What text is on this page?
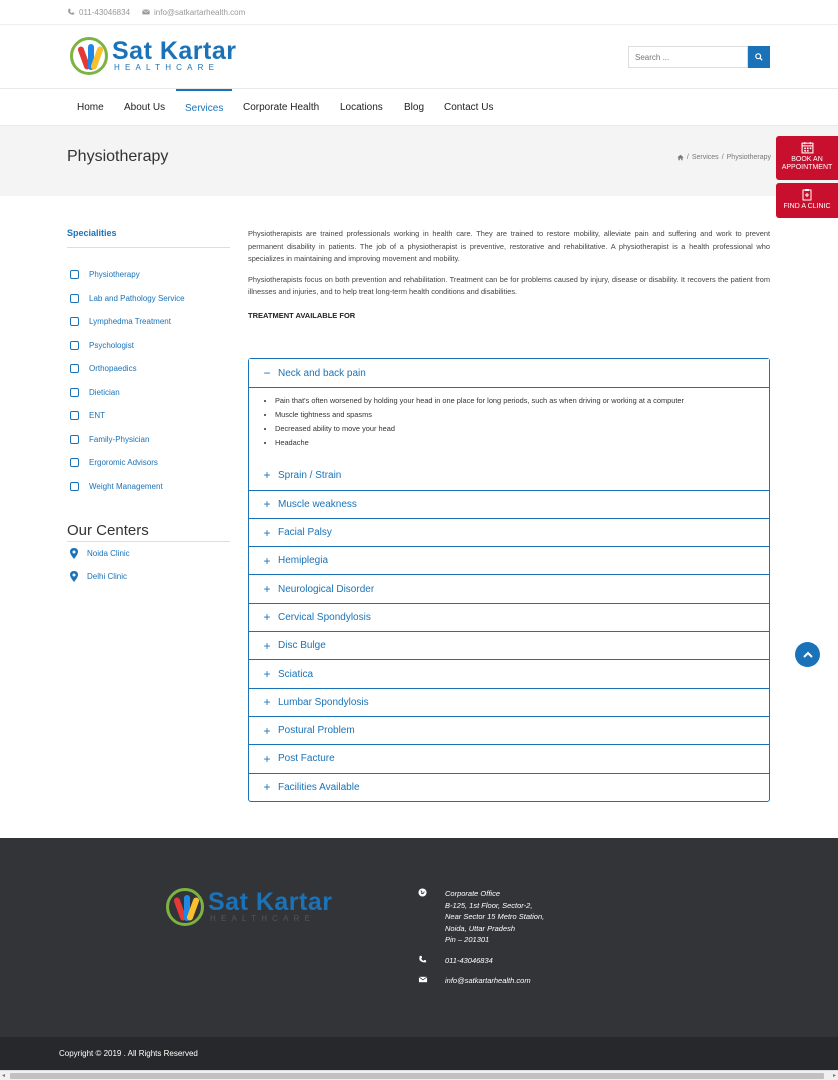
011-43046834	info@satkartarhealth.com
Sat Kartar
HEALTHCARE
Search ...
Home About Us	Services	Corporate Health Locations Blog Contact Us
Physiotherapy	/ Services / Physiotherapy	BOOK AN APPOINTMENT
FIND A CLINIC
Specialities
Physiotherapy
Lab and Pathology Service
Lymphedma Treatment
Psychologist
Orthopaedics
Dietician
ENT
Family-Physician
Ergoromic Advisors
Weight Management
Our Centers
Noida Clinic
Delhi Clinic

Physiotherapists are trained professionals working in health care. They are trained to restore mobility, alleviate pain and suffering and work to prevent permanent disability in patients. The job of a physiotherapist is preventive, restorative and rehabilitative. A physiotherapist is a health professional who specializes in maintaining and improving movement and mobility.

Physiotherapists focus on both prevention and rehabilitation. Treatment can be for problems caused by injury, disease or disability. It recovers the patient from illnesses and injuries, and to help treat long-term health conditions and disabilities.

TREATMENT AVAILABLE FOR
− Neck and back pain
• Pain that's often worsened by holding your head in one place for long periods, such as when driving or working at a computer
• Muscle tightness and spasms
• Decreased ability to move your head
• Headache
+ Sprain / Strain
+ Muscle weakness
+ Facial Palsy
+ Hemiplegia
+ Neurological Disorder
+ Cervical Spondylosis
+ Disc Bulge
+ Sciatica
+ Lumbar Spondylosis
+ Postural Problem
+ Post Facture
+ Facilities Available
Sat Kartar
HEALTHCARE
Corporate Office
B-125, 1st Floor, Sector-2,
Near Sector 15 Metro Station,
Noida, Uttar Pradesh
Pin – 201301
011-43046834
info@satkartarhealth.com
Copyright © 2019 . All Rights Reserved
◂	▸
